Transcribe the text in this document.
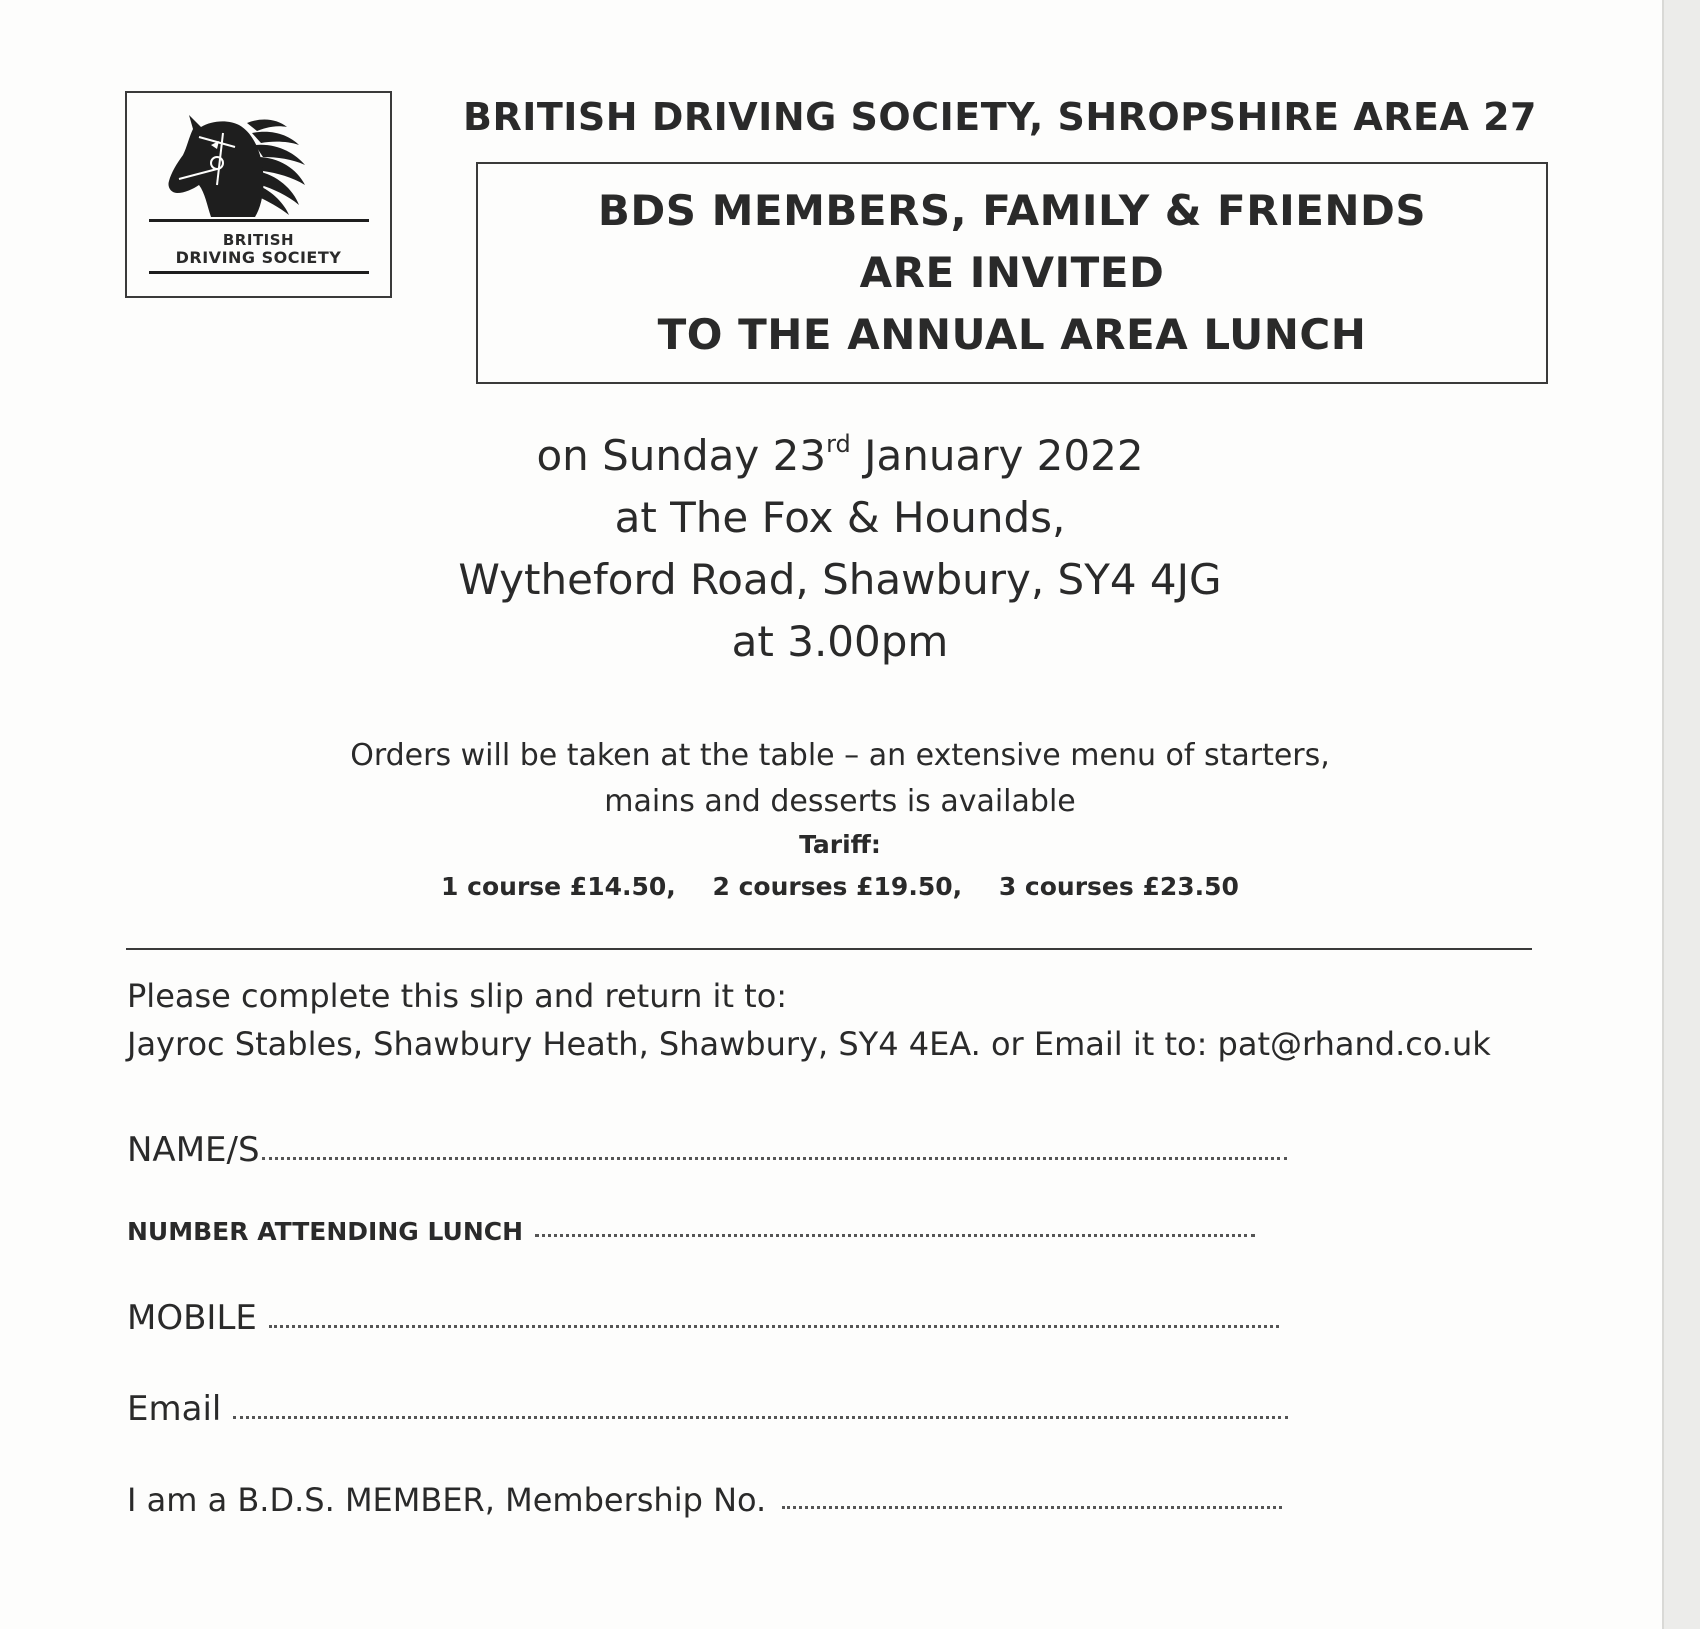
BRITISH
DRIVING SOCIETY
BRITISH DRIVING SOCIETY, SHROPSHIRE AREA 27
BDS MEMBERS, FAMILY & FRIENDS
ARE INVITED
TO THE ANNUAL AREA LUNCH
on Sunday 23rd January 2022
at The Fox & Hounds,
Wytheford Road, Shawbury, SY4 4JG
at 3.00pm
Orders will be taken at the table – an extensive menu of starters,
mains and desserts is available
Tariff:
1 course £14.50, 2 courses £19.50, 3 courses £23.50
Please complete this slip and return it to:
Jayroc Stables, Shawbury Heath, Shawbury, SY4 4EA. or Email it to: pat@rhand.co.uk
NAME/S
NUMBER ATTENDING LUNCH
MOBILE
Email
I am a B.D.S. MEMBER, Membership No.
